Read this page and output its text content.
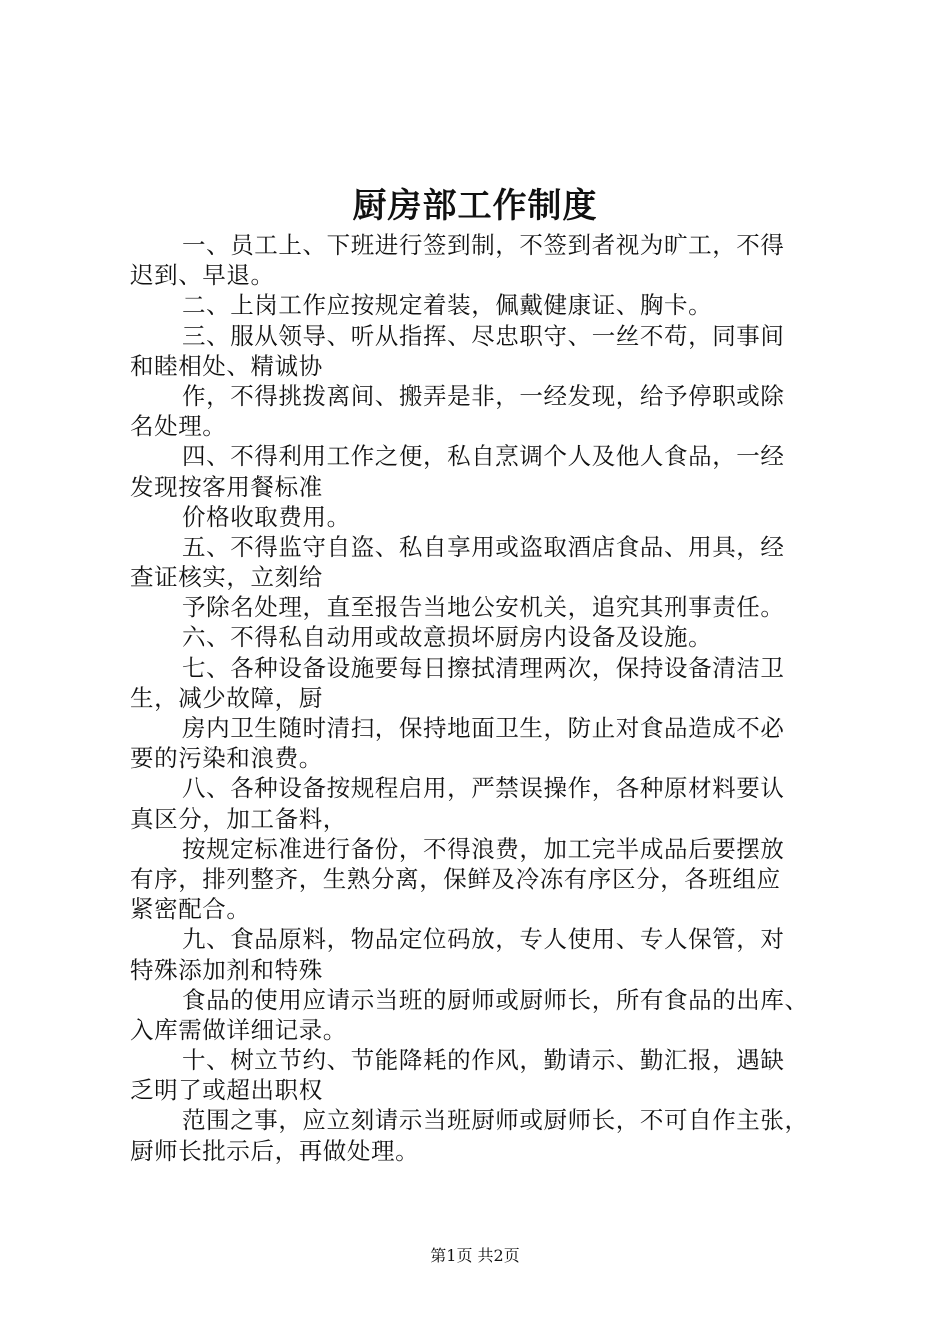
厨房部工作制度
一、员工上、下班进行签到制，不签到者视为旷工，不得
迟到、早退。
二、上岗工作应按规定着装，佩戴健康证、胸卡。
三、服从领导、听从指挥、尽忠职守、一丝不苟，同事间
和睦相处、精诚协
作，不得挑拨离间、搬弄是非，一经发现，给予停职或除
名处理。
四、不得利用工作之便，私自烹调个人及他人食品，一经
发现按客用餐标准
价格收取费用。
五、不得监守自盗、私自享用或盗取酒店食品、用具，经
查证核实，立刻给
予除名处理，直至报告当地公安机关，追究其刑事责任。
六、不得私自动用或故意损坏厨房内设备及设施。
七、各种设备设施要每日擦拭清理两次，保持设备清洁卫
生，减少故障，厨
房内卫生随时清扫，保持地面卫生，防止对食品造成不必
要的污染和浪费。
八、各种设备按规程启用，严禁误操作，各种原材料要认
真区分，加工备料，
按规定标准进行备份，不得浪费，加工完半成品后要摆放
有序，排列整齐，生熟分离，保鲜及冷冻有序区分，各班组应
紧密配合。
九、食品原料，物品定位码放，专人使用、专人保管，对
特殊添加剂和特殊
食品的使用应请示当班的厨师或厨师长，所有食品的出库、
入库需做详细记录。
十、树立节约、节能降耗的作风，勤请示、勤汇报，遇缺
乏明了或超出职权
范围之事，应立刻请示当班厨师或厨师长，不可自作主张，
厨师长批示后，再做处理。
第1页 共2页
